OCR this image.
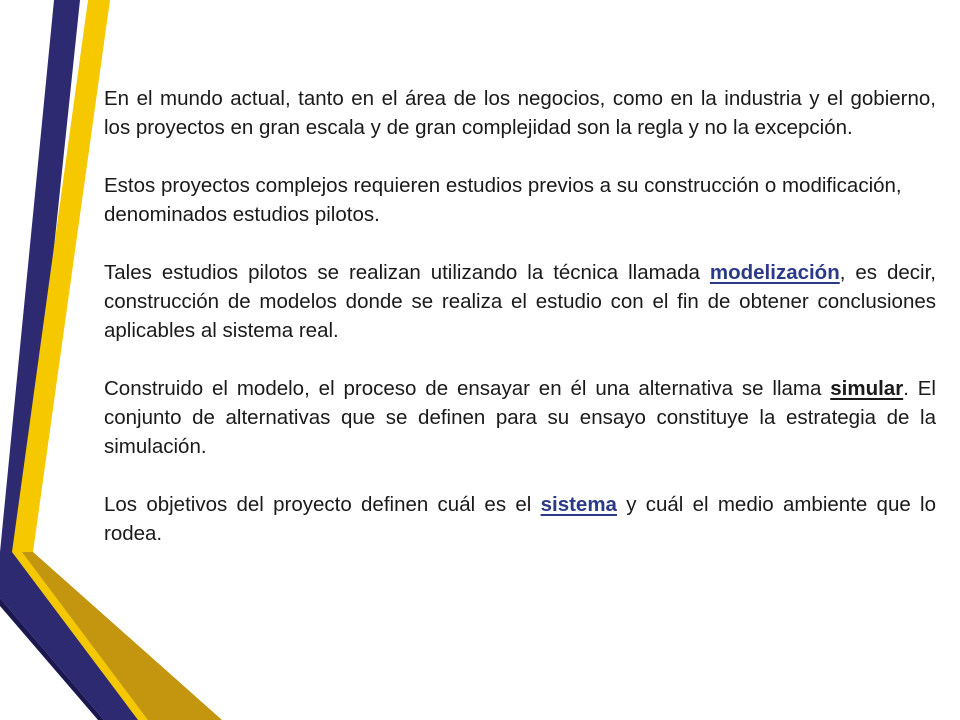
En el mundo actual, tanto en el área de los negocios, como en la industria y el gobierno, los proyectos en gran escala y de gran complejidad son la regla y no la excepción.

Estos proyectos complejos requieren estudios previos a su construcción o modificación, denominados estudios pilotos.

Tales estudios pilotos se realizan utilizando la técnica llamada modelización, es decir, construcción de modelos donde se realiza el estudio con el fin de obtener conclusiones aplicables al sistema real.

Construido el modelo, el proceso de ensayar en él una alternativa se llama simular. El conjunto de alternativas que se definen para su ensayo constituye la estrategia de la simulación.

Los objetivos del proyecto definen cuál es el sistema y cuál el medio ambiente que lo rodea.
